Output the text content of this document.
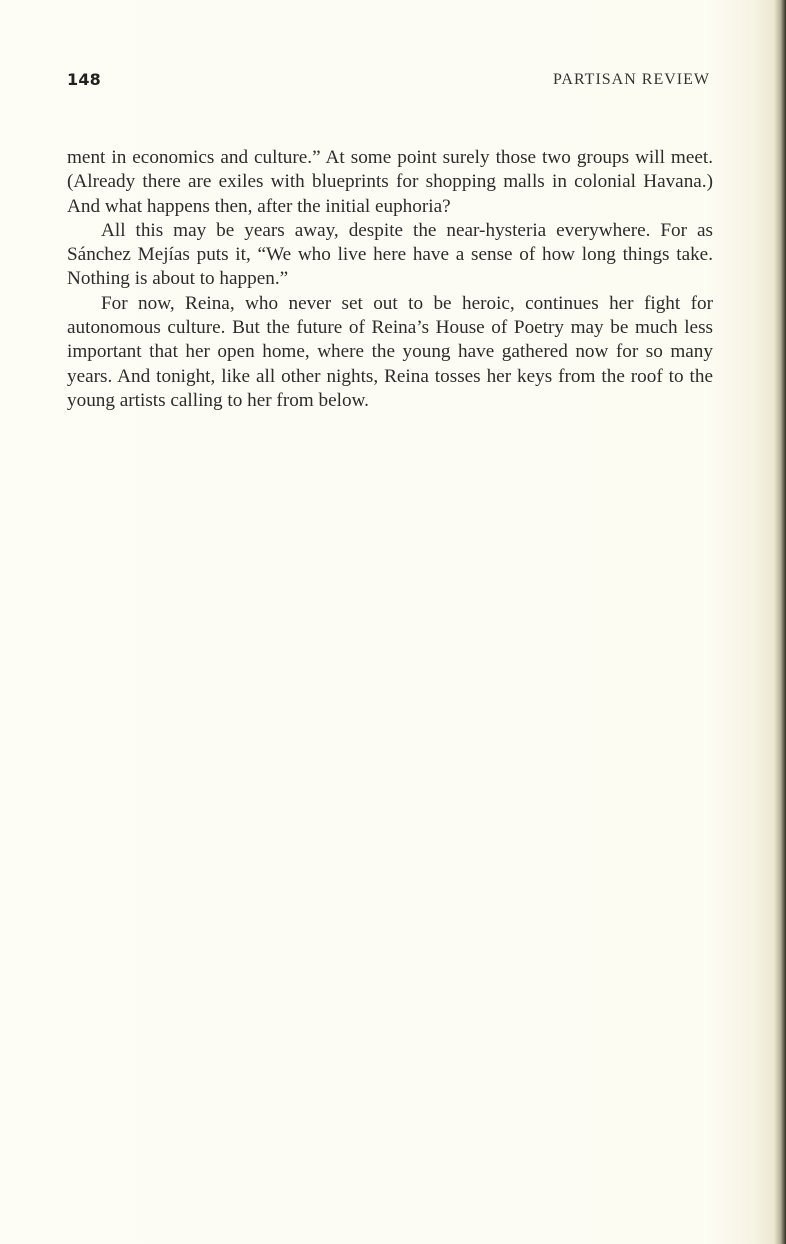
148	PARTISAN REVIEW

ment in economics and culture.” At some point surely those two groups will meet. (Already there are exiles with blueprints for shopping malls in colonial Havana.) And what happens then, after the initial euphoria?

All this may be years away, despite the near-hysteria everywhere. For as Sánchez Mejías puts it, “We who live here have a sense of how long things take. Nothing is about to happen.”

For now, Reina, who never set out to be heroic, continues her fight for autonomous culture. But the future of Reina’s House of Poetry may be much less important that her open home, where the young have gathered now for so many years. And tonight, like all other nights, Reina tosses her keys from the roof to the young artists calling to her from below.
